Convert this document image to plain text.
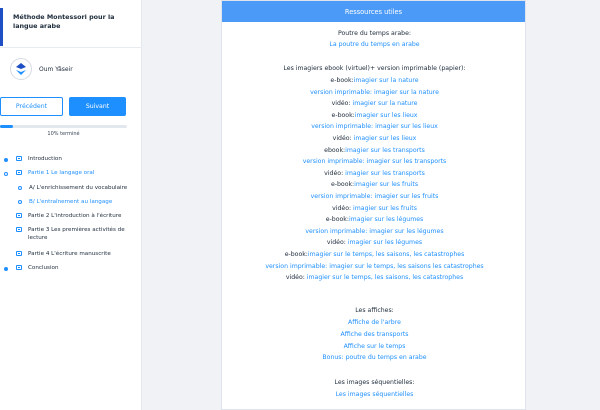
Méthode Montessori pour la langue arabe
Oum Yâseir
Précédent	Suivant
10% terminé
Introduction
Partie 1 Le langage oral
A/ L'enrichissement du vocabulaire
B/ L'entraînement au langage
Partie 2 L'introduction à l'écriture
Partie 3 Les premières activités de lecture
Partie 4 L'écriture manuscrite
Conclusion
Ressources utiles
Poutre du temps arabe:
La poutre du temps en arabe
Les imagiers ebook (virtuel)+ version imprimable (papier):
e-book:imagier sur la nature
version imprimable: imagier sur la nature
vidéo: imagier sur la nature
e-book:imagier sur les lieux
version imprimable: imagier sur les lieux
vidéo: imagier sur les lieux
ebook:imagier sur les transports
version imprimable: imagier sur les transports
vidéo: imagier sur les transports
e-book:imagier sur les fruits
version imprimable: imagier sur les fruits
vidéo: imagier sur les fruits
e-book:imagier sur les légumes
version imprimable: imagier sur les légumes
vidéo: imagier sur les légumes
e-book:imagier sur le temps, les saisons, les catastrophes
version imprimable: imagier sur le temps, les saisons les catastrophes
vidéo: imagier sur le temps, les saisons, les catastrophes
Les affiches:
Affiche de l'arbre
Affiche des transports
Affiche sur le temps
Bonus: poutre du temps en arabe
Les images séquentielles:
Les images séquentielles
